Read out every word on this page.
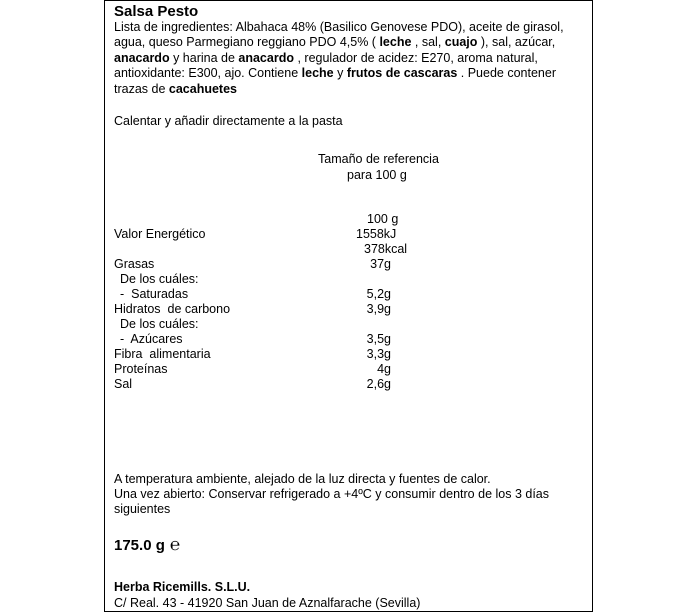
Salsa Pesto
Lista de ingredientes: Albahaca 48% (Basilico Genovese PDO), aceite de girasol, agua, queso Parmegiano reggiano PDO 4,5% ( leche , sal, cuajo ), sal, azúcar, anacardo y harina de anacardo , regulador de acidez: E270, aroma natural, antioxidante: E300, ajo. Contiene leche y frutos de cascaras . Puede contener trazas de cacahuetes
Calentar y añadir directamente a la pasta
Tamaño de referencia
para 100 g
100 g
Valor Energético	1558kJ
378kcal
Grasas	37g
De los cuáles:
-  Saturadas	5,2g
Hidratos  de carbono	3,9g
De los cuáles:
-  Azúcares	3,5g
Fibra  alimentaria	3,3g
Proteínas	4g
Sal	2,6g
A temperatura ambiente, alejado de la luz directa y fuentes de calor.
Una vez abierto: Conservar refrigerado a +4ºC y consumir dentro de los 3 días
siguientes
175.0 g ℮
Herba Ricemills. S.L.U.
C/ Real. 43 - 41920 San Juan de Aznalfarache (Sevilla)
